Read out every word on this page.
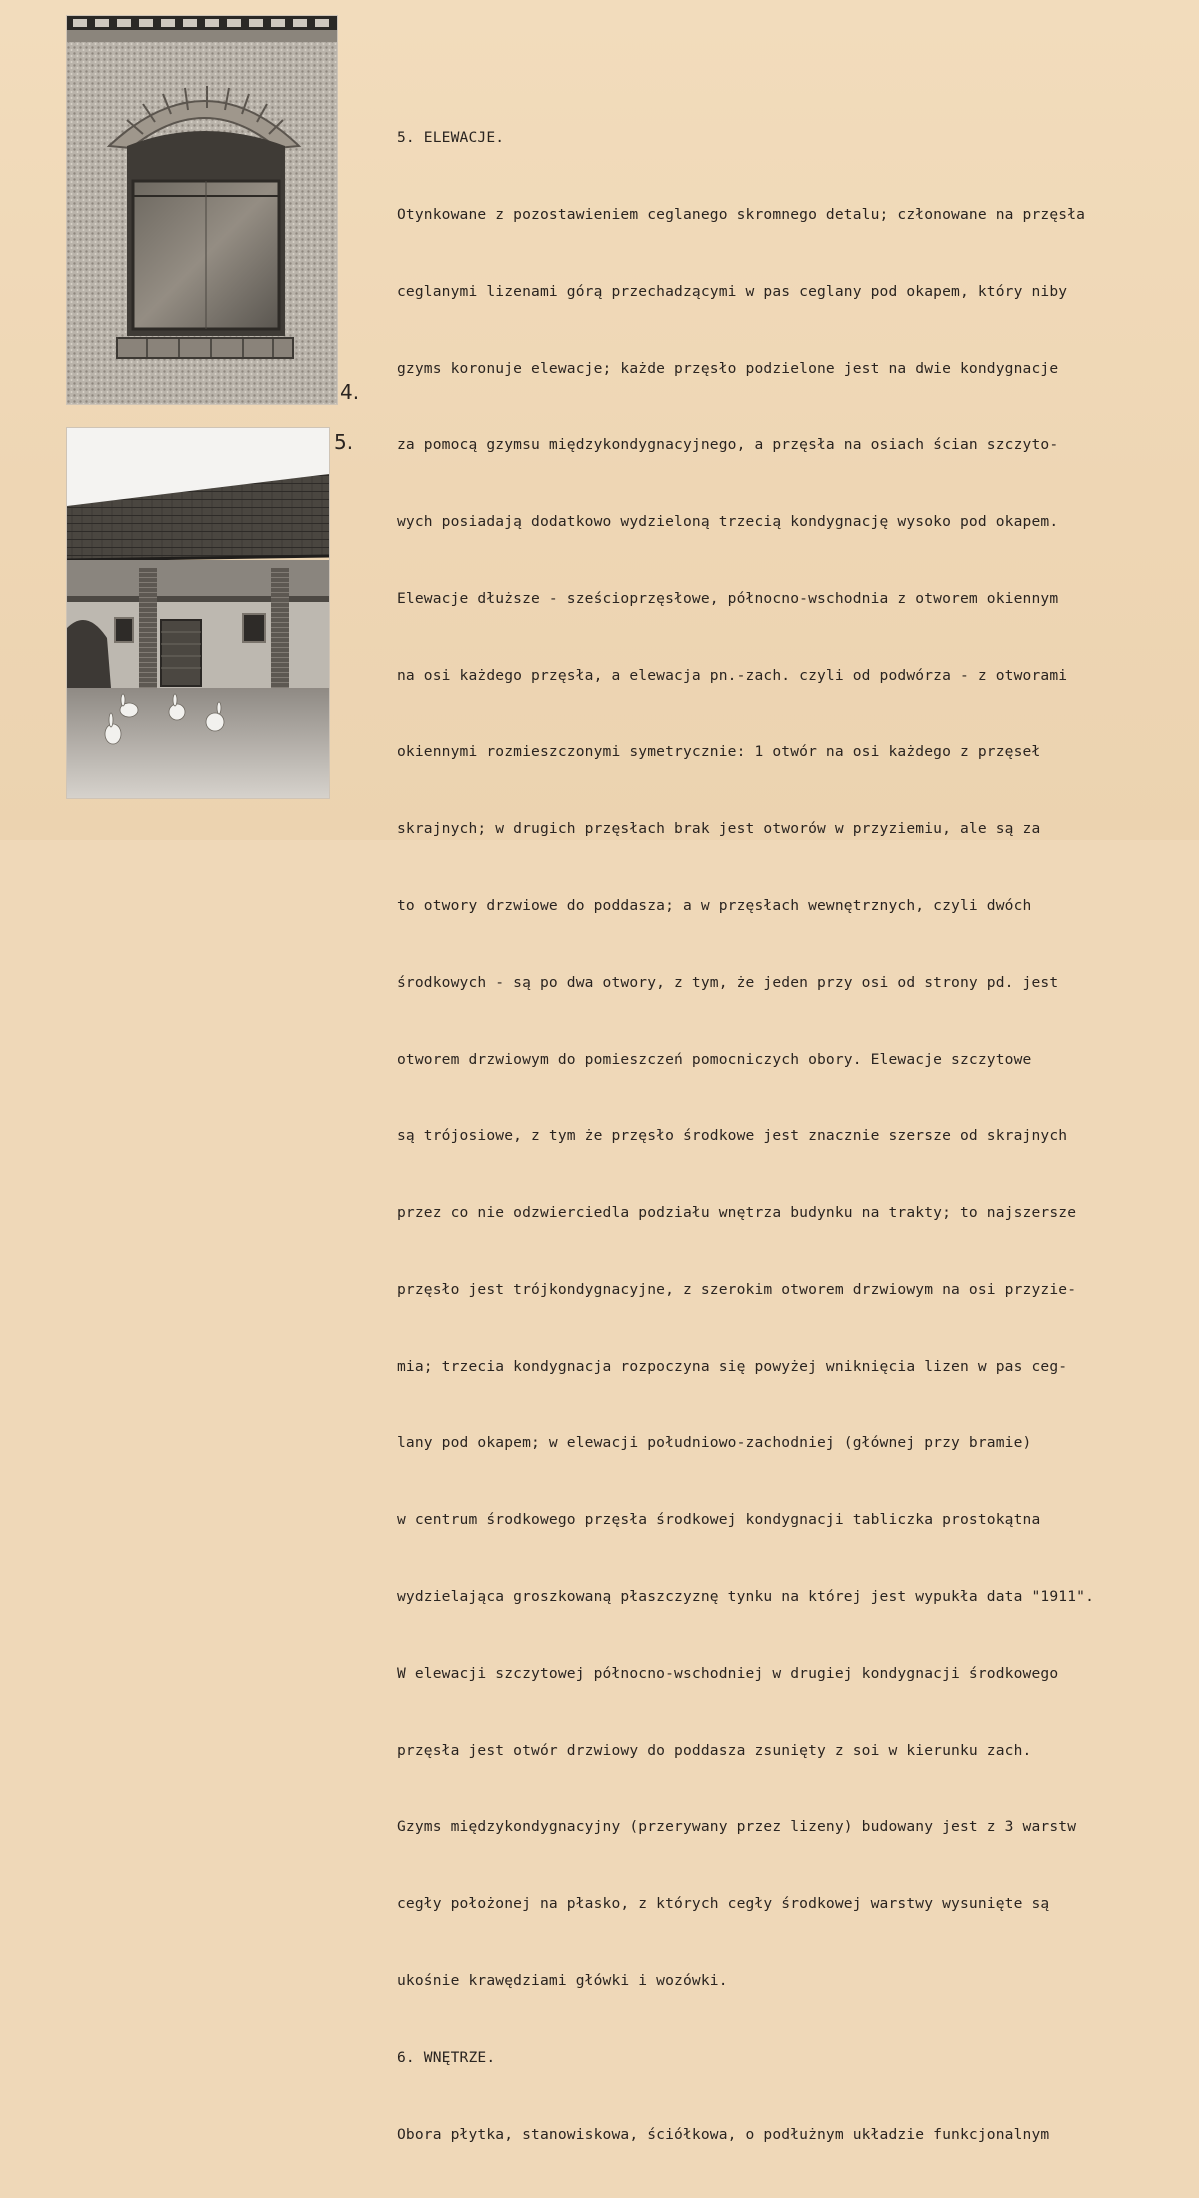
4.
5.

5. ELEWACJE.

Otynkowane z pozostawieniem ceglanego skromnego detalu; członowane na przęsła

ceglanymi lizenami górą przechadzącymi w pas ceglany pod okapem, który niby

gzyms koronuje elewacje; każde przęsło podzielone jest na dwie kondygnacje

za pomocą gzymsu międzykondygnacyjnego, a przęsła na osiach ścian szczyto-

wych posiadają dodatkowo wydzieloną trzecią kondygnację wysoko pod okapem.

Elewacje dłuższe - sześcioprzęsłowe, północno-wschodnia z otworem okiennym

na osi każdego przęsła, a elewacja pn.-zach. czyli od podwórza - z otworami

okiennymi rozmieszczonymi symetrycznie: 1 otwór na osi każdego z przęseł

skrajnych; w drugich przęsłach brak jest otworów w przyziemiu, ale są za

to otwory drzwiowe do poddasza; a w przęsłach wewnętrznych, czyli dwóch

środkowych - są po dwa otwory, z tym, że jeden przy osi od strony pd. jest

otworem drzwiowym do pomieszczeń pomocniczych obory. Elewacje szczytowe

są trójosiowe, z tym że przęsło środkowe jest znacznie szersze od skrajnych

przez co nie odzwierciedla podziału wnętrza budynku na trakty; to najszersze

przęsło jest trójkondygnacyjne, z szerokim otworem drzwiowym na osi przyzie-

mia; trzecia kondygnacja rozpoczyna się powyżej wniknięcia lizen w pas ceg-

lany pod okapem; w elewacji południowo-zachodniej (głównej przy bramie)

w centrum środkowego przęsła środkowej kondygnacji tabliczka prostokątna

wydzielająca groszkowaną płaszczyznę tynku na której jest wypukła data "1911".

W elewacji szczytowej północno-wschodniej w drugiej kondygnacji środkowego

przęsła jest otwór drzwiowy do poddasza zsunięty z soi w kierunku zach.

Gzyms międzykondygnacyjny (przerywany przez lizeny) budowany jest z 3 warstw

cegły położonej na płasko, z których cegły środkowej warstwy wysunięte są

ukośnie krawędziami główki i wozówki.

6. WNĘTRZE.

Obora płytka, stanowiskowa, ściółkowa, o podłużnym układzie funkcjonalnym
